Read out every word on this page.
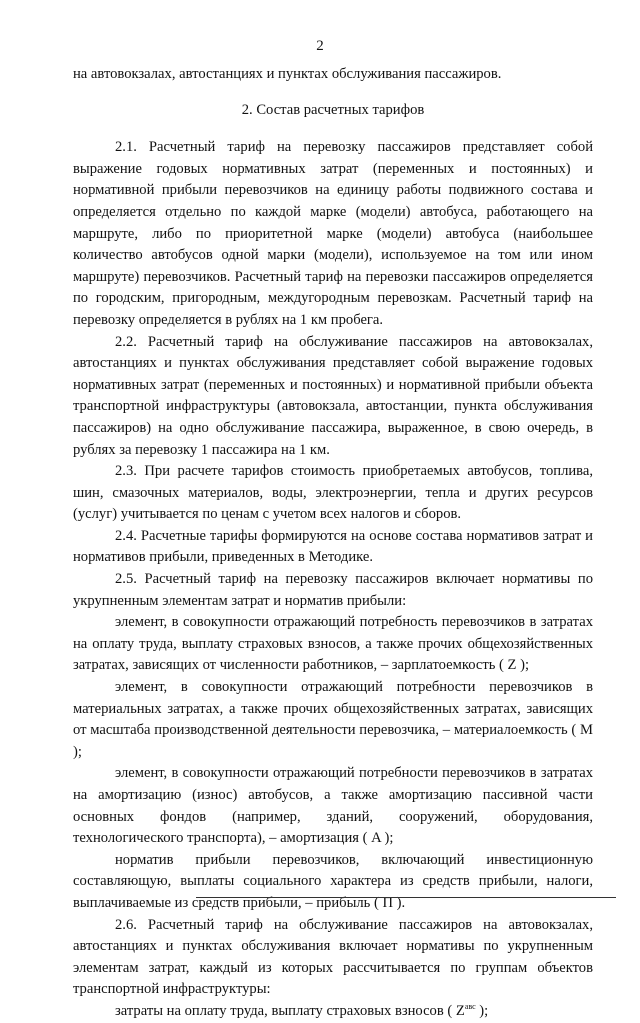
2

на автовокзалах, автостанциях и пунктах обслуживания пассажиров.

2. Состав расчетных тарифов

2.1. Расчетный тариф на перевозку пассажиров представляет собой выражение годовых нормативных затрат (переменных и постоянных) и нормативной прибыли перевозчиков на единицу работы подвижного состава и определяется отдельно по каждой марке (модели) автобуса, работающего на маршруте, либо по приоритетной марке (модели) автобуса (наибольшее количество автобусов одной марки (модели), используемое на том или ином маршруте) перевозчиков. Расчетный тариф на перевозки пассажиров определяется по городским, пригородным, междугородным перевозкам. Расчетный тариф на перевозку определяется в рублях на 1 км пробега.

2.2. Расчетный тариф на обслуживание пассажиров на автовокзалах, автостанциях и пунктах обслуживания представляет собой выражение годовых нормативных затрат (переменных и постоянных) и нормативной прибыли объекта транспортной инфраструктуры (автовокзала, автостанции, пункта обслуживания пассажиров) на одно обслуживание пассажира, выраженное, в свою очередь, в рублях за перевозку 1 пассажира на 1 км.

2.3. При расчете тарифов стоимость приобретаемых автобусов, топлива, шин, смазочных материалов, воды, электроэнергии, тепла и других ресурсов (услуг) учитывается по ценам с учетом всех налогов и сборов.

2.4. Расчетные тарифы формируются на основе состава нормативов затрат и нормативов прибыли, приведенных в Методике.

2.5. Расчетный тариф на перевозку пассажиров включает нормативы по укрупненным элементам затрат и норматив прибыли:

элемент, в совокупности отражающий потребность перевозчиков в затратах на оплату труда, выплату страховых взносов, а также прочих общехозяйственных затратах, зависящих от численности работников, – зарплатоемкость ( Z );

элемент, в совокупности отражающий потребности перевозчиков в материальных затратах, а также прочих общехозяйственных затратах, зависящих от масштаба производственной деятельности перевозчика, – материалоемкость ( M );

элемент, в совокупности отражающий потребности перевозчиков в затратах на амортизацию (износ) автобусов, а также амортизацию пассивной части основных фондов (например, зданий, сооружений, оборудования, технологического транспорта), – амортизация ( A );

норматив прибыли перевозчиков, включающий инвестиционную составляющую, выплаты социального характера из средств прибыли, налоги, выплачиваемые из средств прибыли, – прибыль ( П ).

2.6. Расчетный тариф на обслуживание пассажиров на автовокзалах, автостанциях и пунктах обслуживания включает нормативы по укрупненным элементам затрат, каждый из которых рассчитывается по группам объектов транспортной инфраструктуры:

затраты на оплату труда, выплату страховых взносов ( $Z^{авс}$ );
